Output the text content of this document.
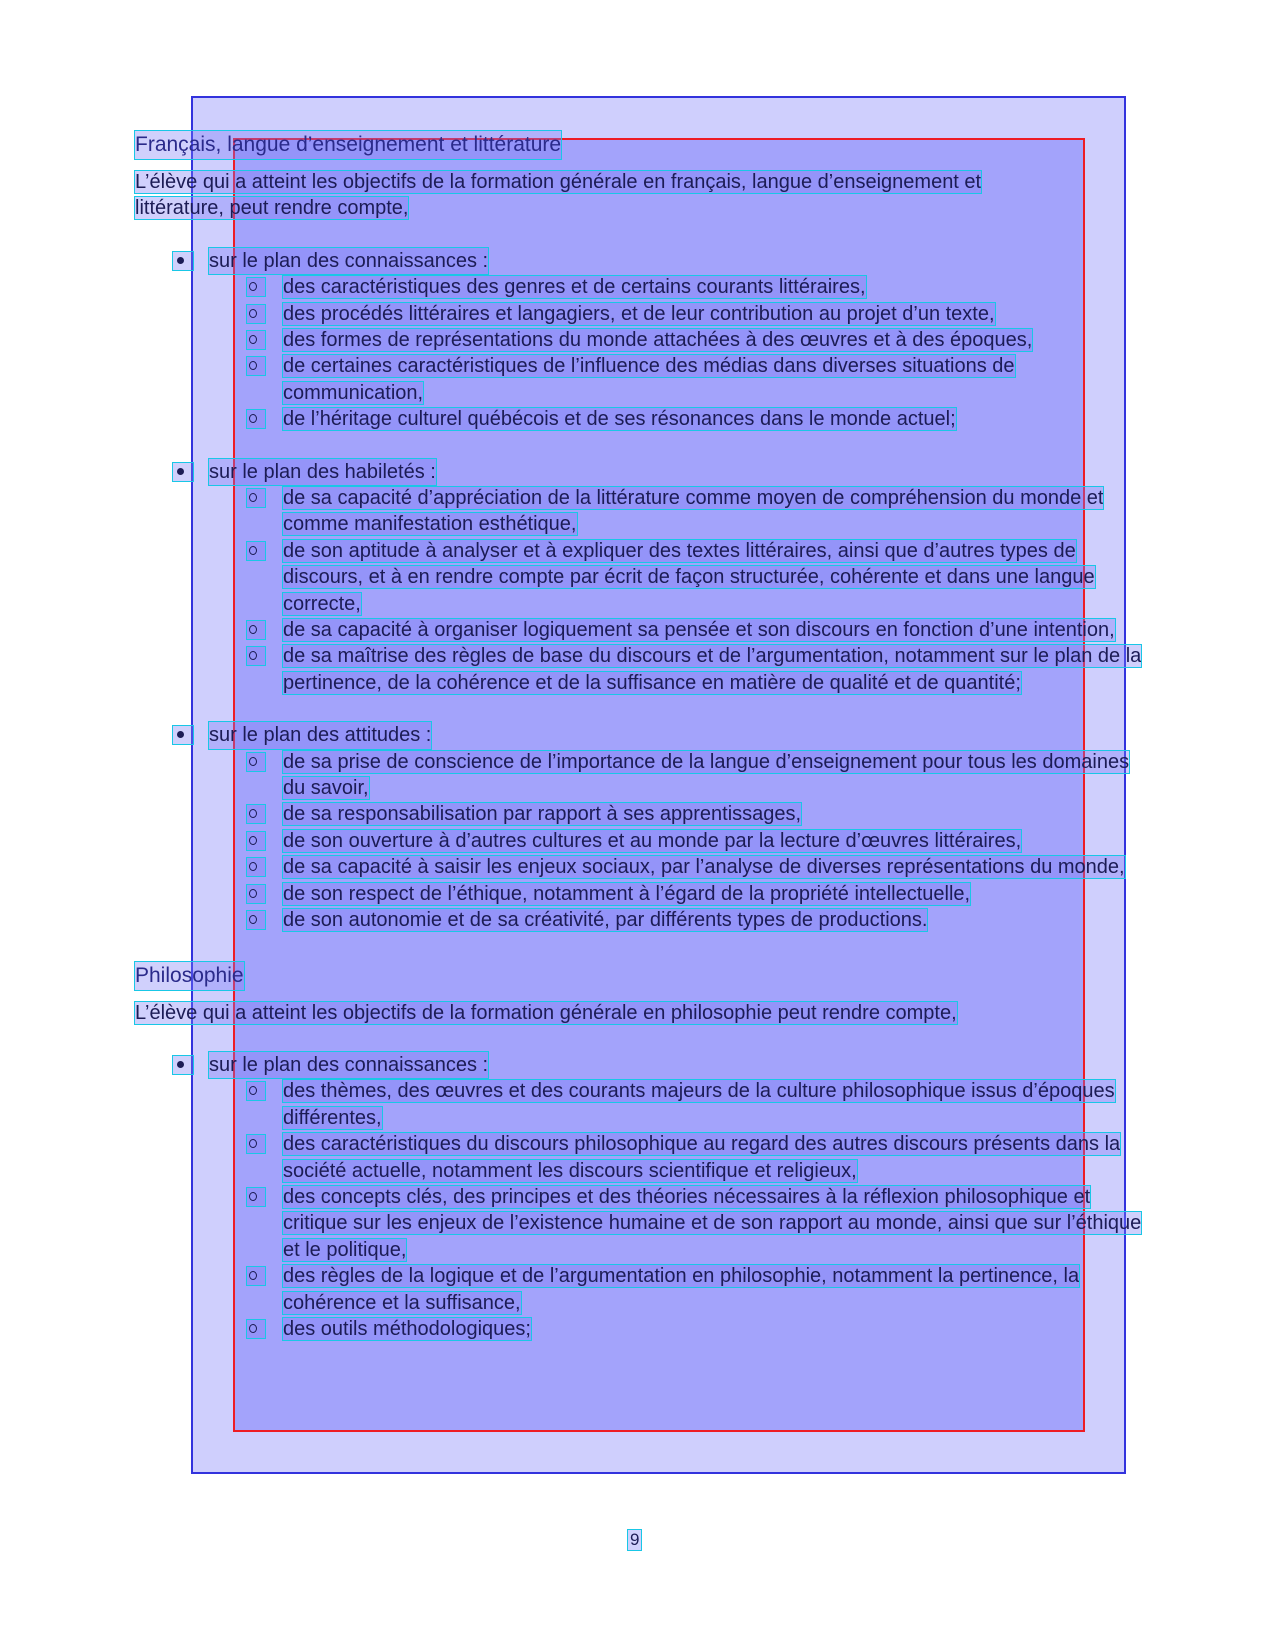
Français, langue d’enseignement et littérature
L’élève qui a atteint les objectifs de la formation générale en français, langue d’enseignement et
littérature, peut rendre compte,
sur le plan des connaissances :
des caractéristiques des genres et de certains courants littéraires,
des procédés littéraires et langagiers, et de leur contribution au projet d’un texte,
des formes de représentations du monde attachées à des œuvres et à des époques,
de certaines caractéristiques de l’influence des médias dans diverses situations de communication,
de l’héritage culturel québécois et de ses résonances dans le monde actuel;
sur le plan des habiletés :
de sa capacité d’appréciation de la littérature comme moyen de compréhension du monde et comme manifestation esthétique,
de son aptitude à analyser et à expliquer des textes littéraires, ainsi que d’autres types de discours, et à en rendre compte par écrit de façon structurée, cohérente et dans une langue correcte,
de sa capacité à organiser logiquement sa pensée et son discours en fonction d’une intention,
de sa maîtrise des règles de base du discours et de l’argumentation, notamment sur le plan de la pertinence, de la cohérence et de la suffisance en matière de qualité et de quantité;
sur le plan des attitudes :
de sa prise de conscience de l’importance de la langue d’enseignement pour tous les domaines du savoir,
de sa responsabilisation par rapport à ses apprentissages,
de son ouverture à d’autres cultures et au monde par la lecture d’œuvres littéraires,
de sa capacité à saisir les enjeux sociaux, par l’analyse de diverses représentations du monde,
de son respect de l’éthique, notamment à l’égard de la propriété intellectuelle,
de son autonomie et de sa créativité, par différents types de productions.
Philosophie
L’élève qui a atteint les objectifs de la formation générale en philosophie peut rendre compte,
sur le plan des connaissances :
des thèmes, des œuvres et des courants majeurs de la culture philosophique issus d’époques différentes,
des caractéristiques du discours philosophique au regard des autres discours présents dans la société actuelle, notamment les discours scientifique et religieux,
des concepts clés, des principes et des théories nécessaires à la réflexion philosophique et critique sur les enjeux de l’existence humaine et de son rapport au monde, ainsi que sur l’éthique et le politique,
des règles de la logique et de l’argumentation en philosophie, notamment la pertinence, la cohérence et la suffisance,
des outils méthodologiques;
9
